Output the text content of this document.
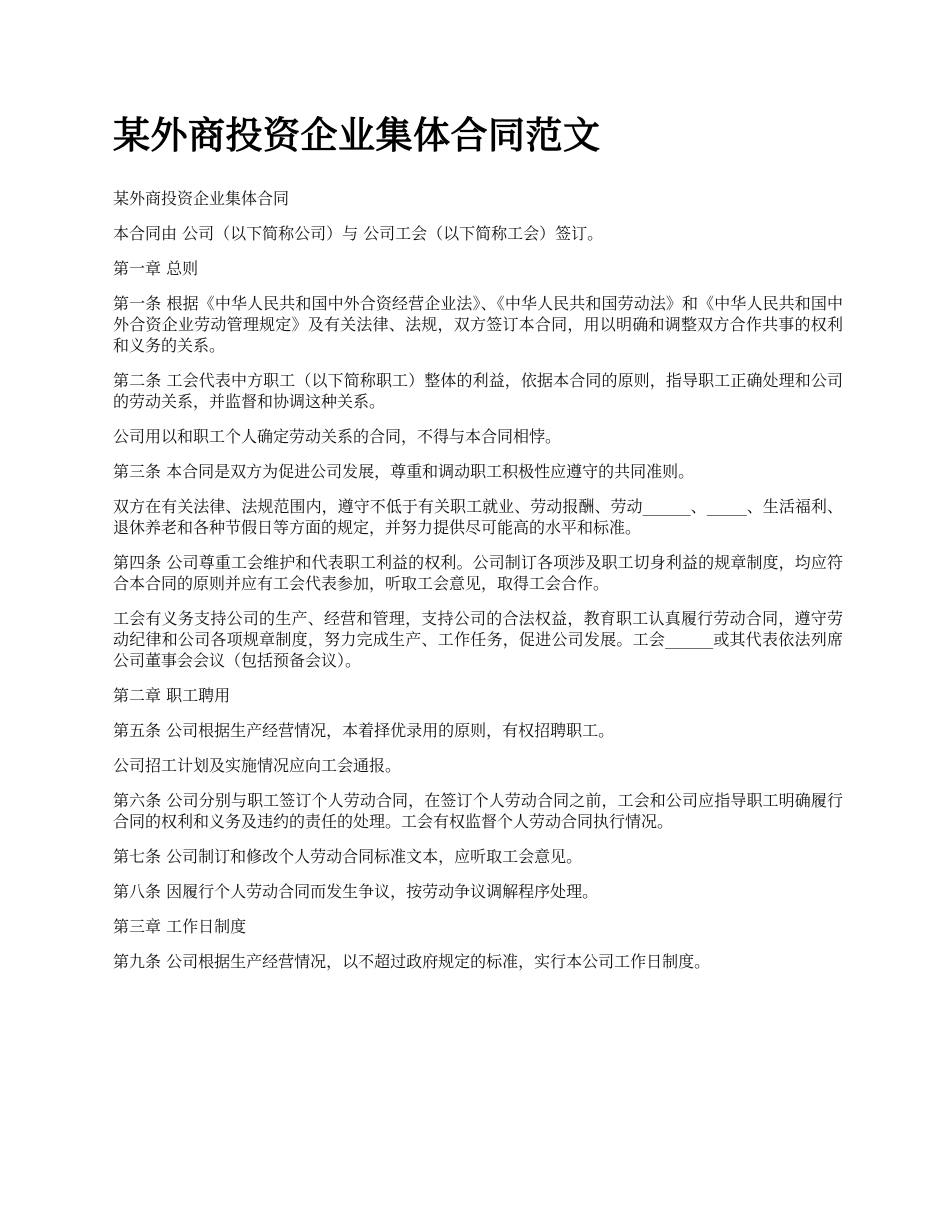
某外商投资企业集体合同范文

某外商投资企业集体合同

本合同由 公司（以下简称公司）与 公司工会（以下简称工会）签订。

第一章 总则

第一条 根据《中华人民共和国中外合资经营企业法》、《中华人民共和国劳动法》和《中华人民共和国中外合资企业劳动管理规定》及有关法律、法规，双方签订本合同，用以明确和调整双方合作共事的权利和义务的关系。

第二条 工会代表中方职工（以下简称职工）整体的利益，依据本合同的原则，指导职工正确处理和公司的劳动关系，并监督和协调这种关系。

公司用以和职工个人确定劳动关系的合同，不得与本合同相悖。

第三条 本合同是双方为促进公司发展，尊重和调动职工积极性应遵守的共同准则。

双方在有关法律、法规范围内，遵守不低于有关职工就业、劳动报酬、劳动______、_____、生活福利、退休养老和各种节假日等方面的规定，并努力提供尽可能高的水平和标准。

第四条 公司尊重工会维护和代表职工利益的权利。公司制订各项涉及职工切身利益的规章制度，均应符合本合同的原则并应有工会代表参加，听取工会意见，取得工会合作。

工会有义务支持公司的生产、经营和管理，支持公司的合法权益，教育职工认真履行劳动合同，遵守劳动纪律和公司各项规章制度，努力完成生产、工作任务，促进公司发展。工会______或其代表依法列席公司董事会会议（包括预备会议）。

第二章 职工聘用

第五条 公司根据生产经营情况，本着择优录用的原则，有权招聘职工。

公司招工计划及实施情况应向工会通报。

第六条 公司分别与职工签订个人劳动合同，在签订个人劳动合同之前，工会和公司应指导职工明确履行合同的权利和义务及违约的责任的处理。工会有权监督个人劳动合同执行情况。

第七条 公司制订和修改个人劳动合同标准文本，应听取工会意见。

第八条 因履行个人劳动合同而发生争议，按劳动争议调解程序处理。

第三章 工作日制度

第九条 公司根据生产经营情况，以不超过政府规定的标准，实行本公司工作日制度。
